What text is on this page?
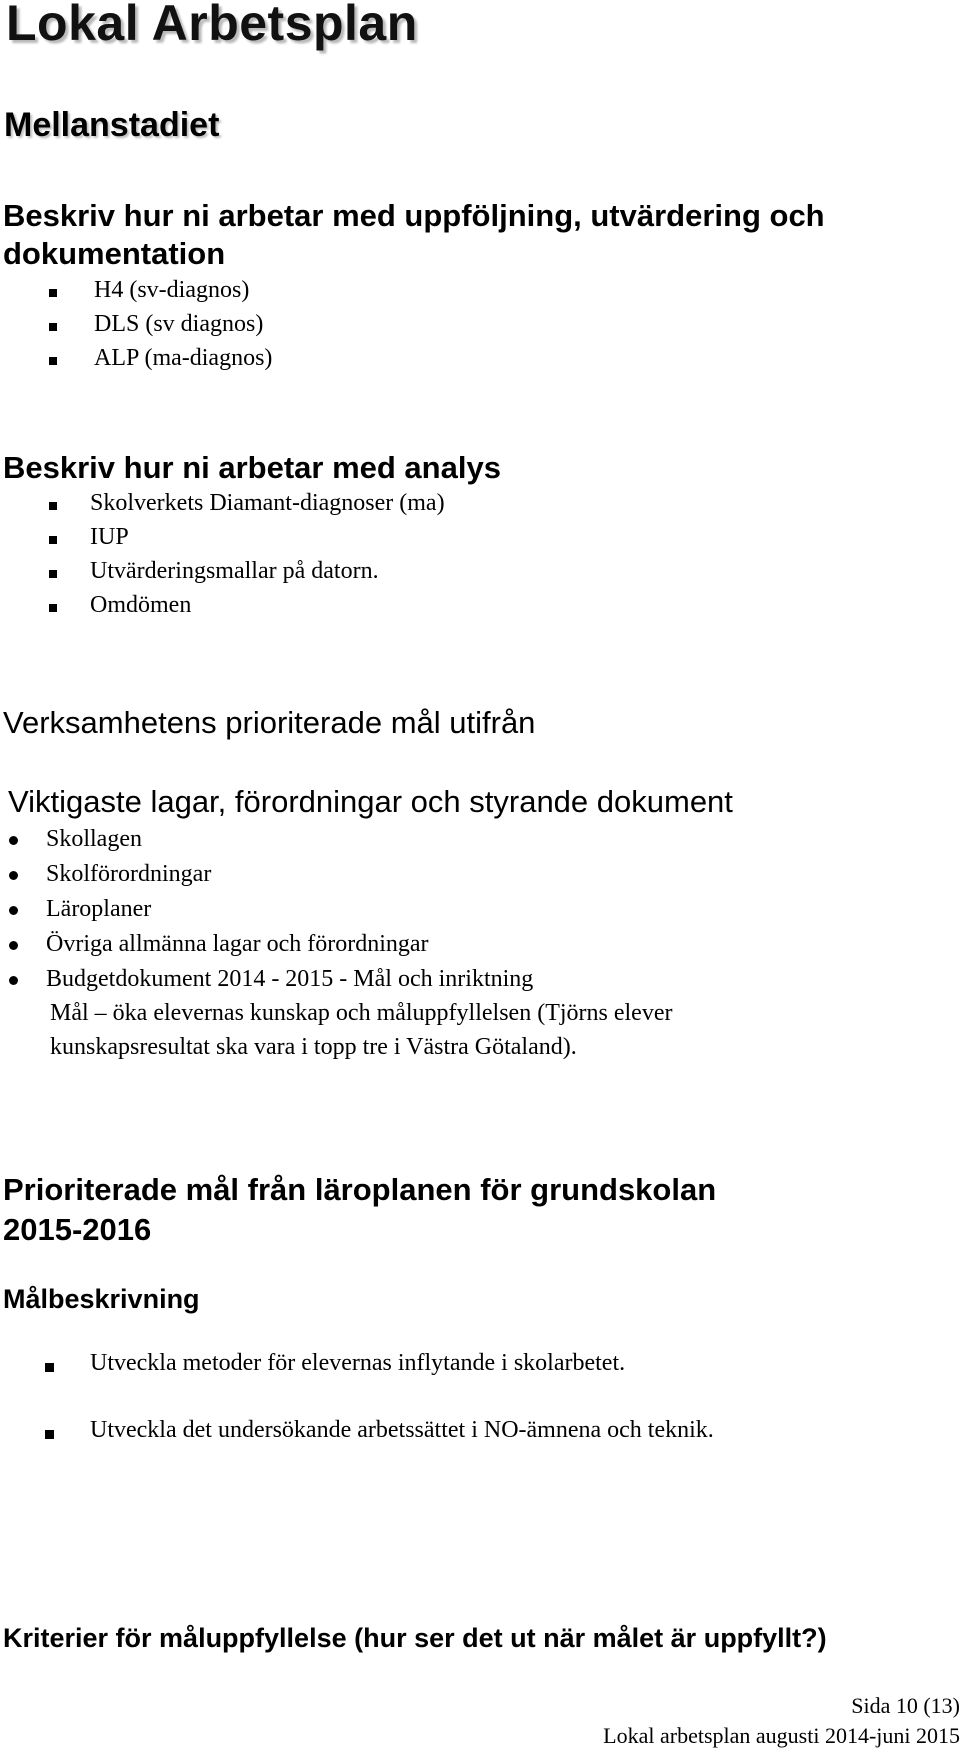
Lokal Arbetsplan
Mellanstadiet
Beskriv hur ni arbetar med uppföljning, utvärdering och
dokumentation
H4 (sv-diagnos)
DLS (sv diagnos)
ALP (ma-diagnos)
Beskriv hur ni arbetar med analys
Skolverkets Diamant-diagnoser (ma)
IUP
Utvärderingsmallar på datorn.
Omdömen
Verksamhetens prioriterade mål utifrån
Viktigaste lagar, förordningar och styrande dokument
Skollagen
Skolförordningar
Läroplaner
Övriga allmänna lagar och förordningar
Budgetdokument 2014 - 2015 - Mål och inriktning
Mål – öka elevernas kunskap och måluppfyllelsen (Tjörns elever
kunskapsresultat ska vara i topp tre i Västra Götaland).
Prioriterade mål från läroplanen för grundskolan
2015-2016
Målbeskrivning
Utveckla metoder för elevernas inflytande i skolarbetet.
Utveckla det undersökande arbetssättet i NO-ämnena och teknik.
Kriterier för måluppfyllelse (hur ser det ut när målet är uppfyllt?)
Sida 10 (13)
Lokal arbetsplan augusti 2014-juni 2015
